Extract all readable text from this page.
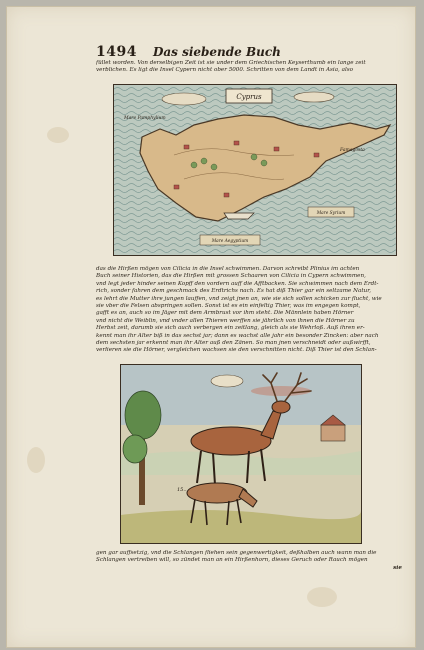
1494 Das siebende Buch
füllet worden. Von derselbigen Zeit ist sie under dem Griechischen Keyserthumb ein lange zeit
verblichen. Es ligt die Insel Cypern nicht ober 5000. Schritten von dem Landt in Asia, also
Cyprus
Mare Pamphylium
Famagosta
Mare Aegyptium
Mare Syrium
das die Hirßen mögen von Cilicia in die Insel schwimmen. Darvon schreibt Plinius im achten
Buch seiner Historien, das die Hirßen mit grossen Schaaren von Cilicia in Cypern schwimmen,
vnd legt jeder hinder seinen Kopff den vordern auff die Afftbacken. Sie schwimmen nach dem Erdt-
rich, sonder fahren dem geschmack des Erdtrichs nach. Es hat diß Thier gar ein seltzame Natur,
es lehrt die Mutter ihre jungen lauffen, vnd zeigt jnen an, wie sie sich sollen schicken zur flucht, wie
sie vber die Felsen abspringen sollen. Sonst ist es ein einfeltig Thier, was im engegen kompt,
gafft es an, auch so im Jäger mit dem Armbrust vor ihm steht. Die Männlein haben Hörner
vnd nicht die Weiblin, vnd vnder allen Thieren werffen sie jährlich von ihnen die Hörner zu
Herbst zeit, darumb sie sich auch verbergen ein zeitlang, gleich als sie Wehrloß. Auß ihren er-
kennt man ihr Alter biß in das sechst jar; dann es wachst alle jahr ein besonder Zincken: aber nach
dem sechsten jar erkennt man ihr Alter auß den Zänen. So man jnen verschneidt oder außwirfft,
verlieren sie die Hörner, vergleichen wachsen sie den verschnitten nicht. Diß Thier ist den Schlan-
15..
gen gar auffsetzig, vnd die Schlangen fliehen sein gegenwertigkeit, deßhalben auch wann man die
Schlangen vertreiben will, so zündet man an ein Hirßenhorn, dieses Geruch oder Rauch mögen
sie
